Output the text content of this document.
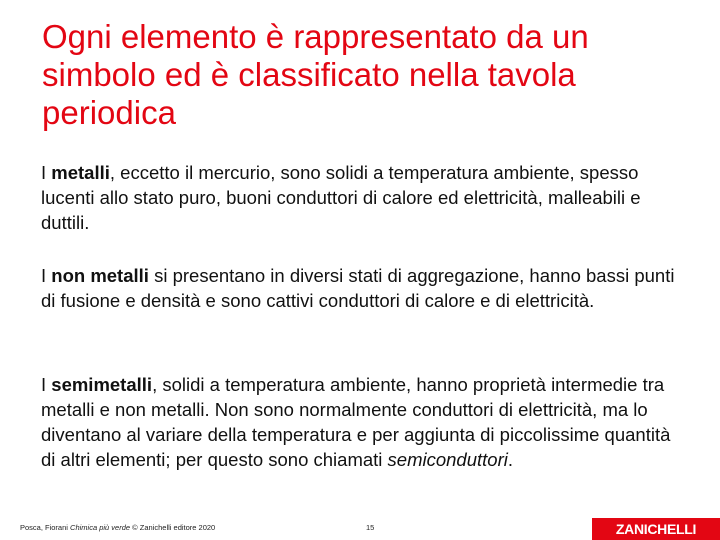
Ogni elemento è rappresentato da un simbolo ed è classificato nella tavola periodica

I metalli, eccetto il mercurio, sono solidi a temperatura ambiente, spesso lucenti allo stato puro, buoni conduttori di calore ed elettricità, malleabili e duttili.

I non metalli si presentano in diversi stati di aggregazione, hanno bassi punti di fusione e densità e sono cattivi conduttori di calore e di elettricità.

I semimetalli, solidi a temperatura ambiente, hanno proprietà intermedie tra metalli e non metalli. Non sono normalmente conduttori di elettricità, ma lo diventano al variare della temperatura e per aggiunta di piccolissime quantità di altri elementi; per questo sono chiamati semiconduttori.

Posca, Fiorani Chimica più verde © Zanichelli editore 2020	15	ZANICHELLI
